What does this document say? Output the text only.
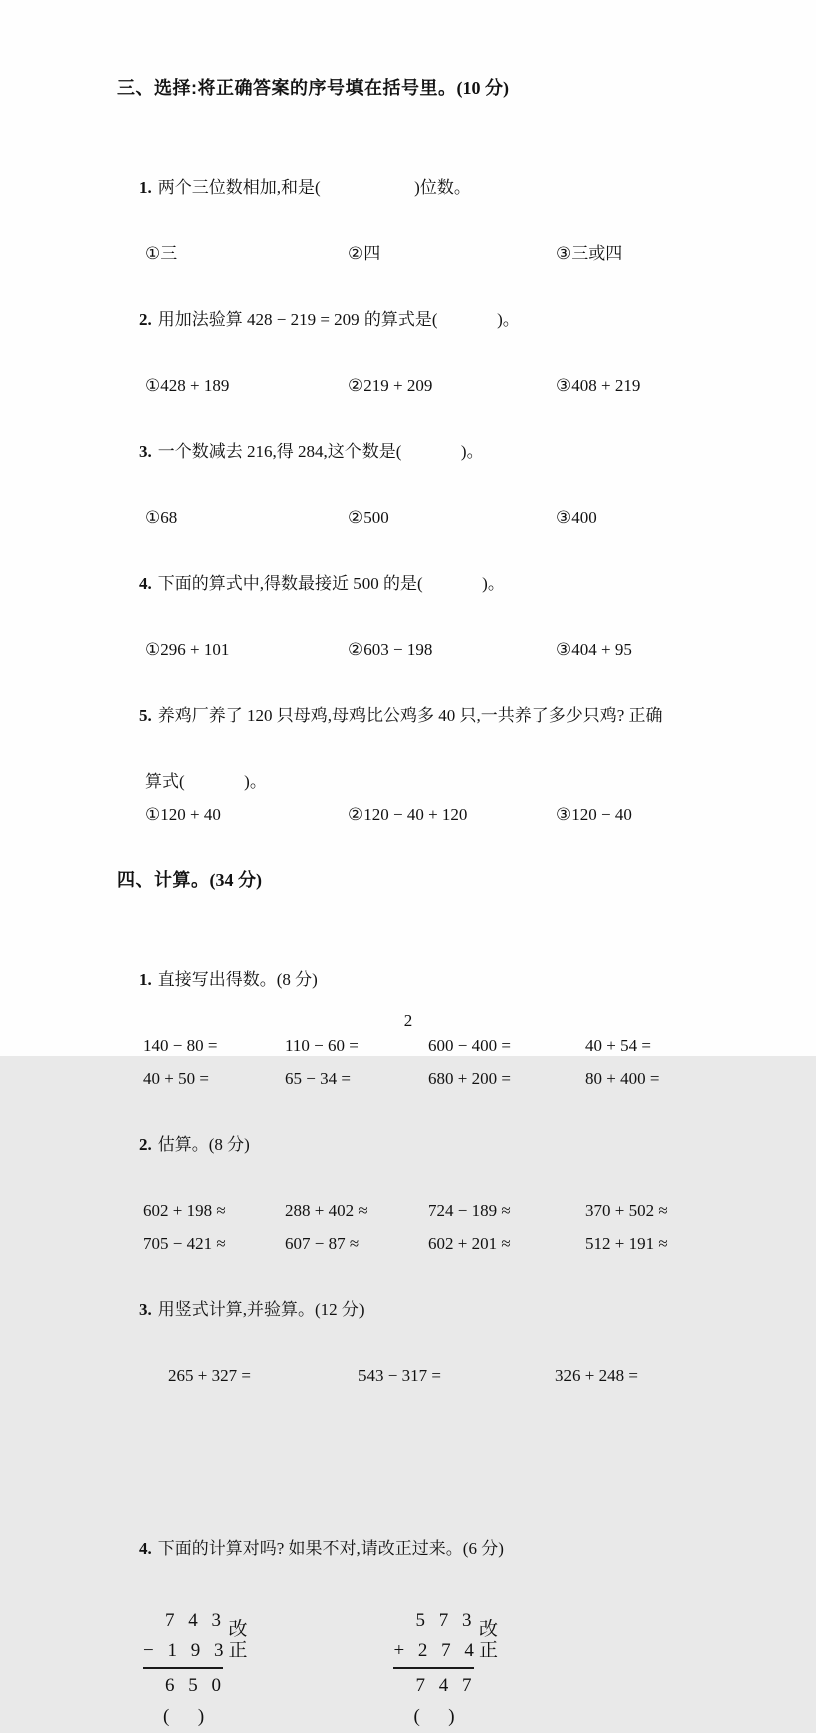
三、选择:将正确答案的序号填在括号里。(10 分)

1. 两个三位数相加,和是(                      )位数。

①三	②四	③三或四

2. 用加法验算 428 − 219 = 209 的算式是(              )。

①428 + 189	②219 + 209	③408 + 219

3. 一个数减去 216,得 284,这个数是(              )。

①68	②500	③400

4. 下面的算式中,得数最接近 500 的是(              )。

①296 + 101	②603 − 198	③404 + 95

5. 养鸡厂养了 120 只母鸡,母鸡比公鸡多 40 只,一共养了多少只鸡? 正确

算式(              )。
①120 + 40	②120 − 40 + 120	③120 − 40

四、计算。(34 分)

1. 直接写出得数。(8 分)

140 − 80 =	110 − 60 =	600 − 400 =	40 + 54 =
40 + 50 =	65 − 34 =	680 + 200 =	80 + 400 =

2. 估算。(8 分)

602 + 198 ≈	288 + 402 ≈	724 − 189 ≈	370 + 502 ≈
705 − 421 ≈	607 − 87 ≈	602 + 201 ≈	512 + 191 ≈

3. 用竖式计算,并验算。(12 分)

265 + 327 =	543 − 317 =	326 + 248 =

4. 下面的计算对吗? 如果不对,请改正过来。(6 分)

7 4 3
− 1 9 3
6 5 0
改正
(      )
5 7 3
+ 2 7 4
7 4 7
改正
(      )
2
